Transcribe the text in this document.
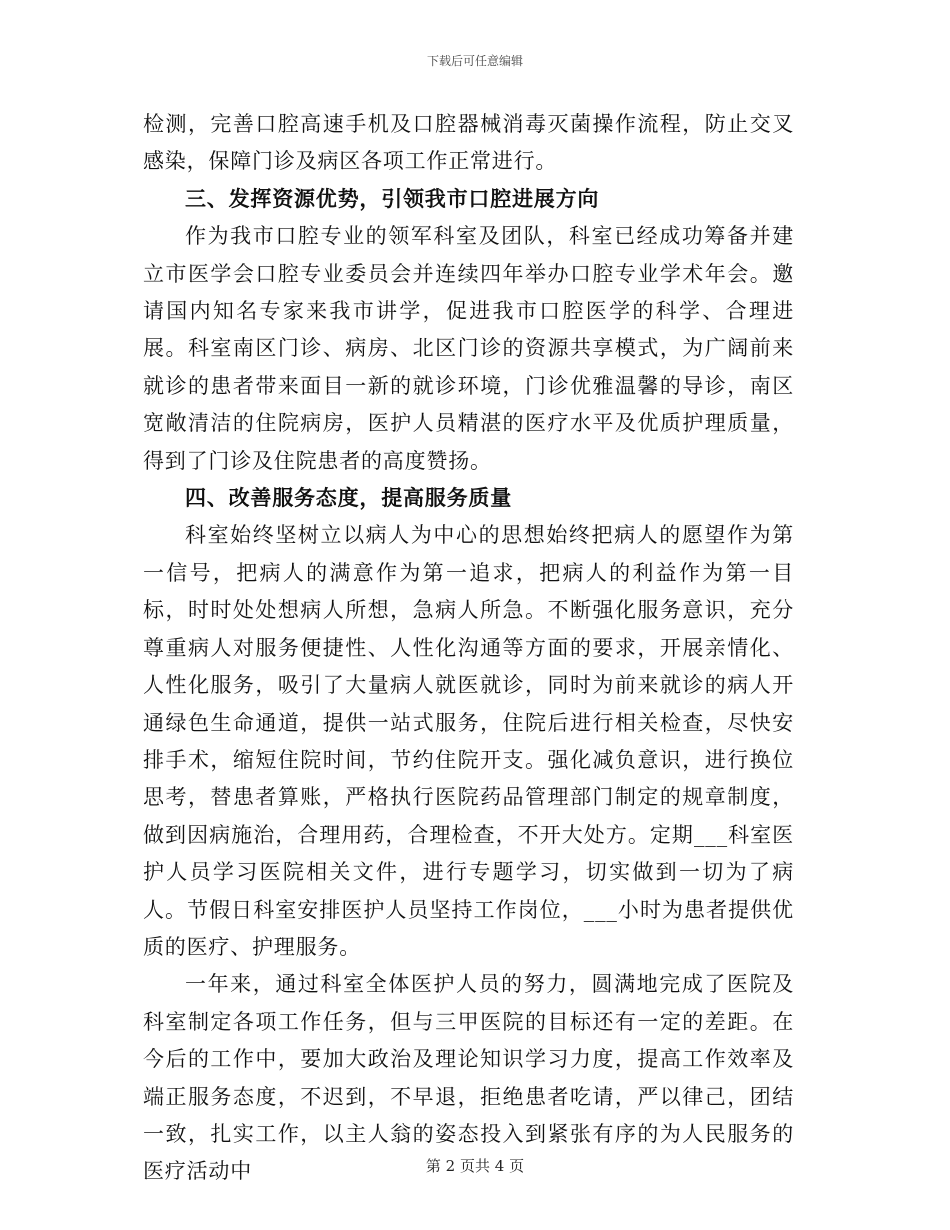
下载后可任意编辑

检测，完善口腔高速手机及口腔器械消毒灭菌操作流程，防止交叉感染，保障门诊及病区各项工作正常进行。

三、发挥资源优势，引领我市口腔进展方向

作为我市口腔专业的领军科室及团队，科室已经成功筹备并建立市医学会口腔专业委员会并连续四年举办口腔专业学术年会。邀请国内知名专家来我市讲学，促进我市口腔医学的科学、合理进展。科室南区门诊、病房、北区门诊的资源共享模式，为广阔前来就诊的患者带来面目一新的就诊环境，门诊优雅温馨的导诊，南区宽敞清洁的住院病房，医护人员精湛的医疗水平及优质护理质量，得到了门诊及住院患者的高度赞扬。

四、改善服务态度，提高服务质量

科室始终坚树立以病人为中心的思想始终把病人的愿望作为第一信号，把病人的满意作为第一追求，把病人的利益作为第一目标，时时处处想病人所想，急病人所急。不断强化服务意识，充分尊重病人对服务便捷性、人性化沟通等方面的要求，开展亲情化、人性化服务，吸引了大量病人就医就诊，同时为前来就诊的病人开通绿色生命通道，提供一站式服务，住院后进行相关检查，尽快安排手术，缩短住院时间，节约住院开支。强化减负意识，进行换位思考，替患者算账，严格执行医院药品管理部门制定的规章制度，做到因病施治，合理用药，合理检查，不开大处方。定期___科室医护人员学习医院相关文件，进行专题学习，切实做到一切为了病人。节假日科室安排医护人员坚持工作岗位，___小时为患者提供优质的医疗、护理服务。

一年来，通过科室全体医护人员的努力，圆满地完成了医院及科室制定各项工作任务，但与三甲医院的目标还有一定的差距。在今后的工作中，要加大政治及理论知识学习力度，提高工作效率及端正服务态度，不迟到，不早退，拒绝患者吃请，严以律己，团结一致，扎实工作，以主人翁的姿态投入到紧张有序的为人民服务的医疗活动中	第 2 页共 4 页
